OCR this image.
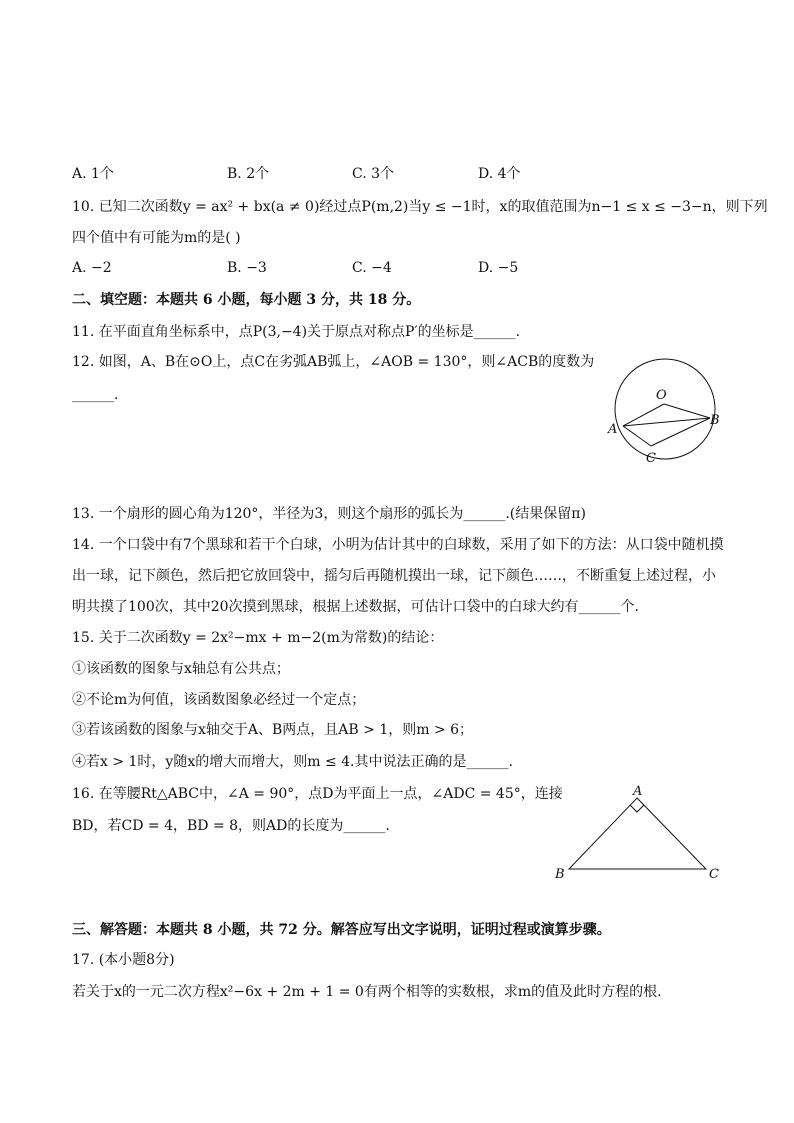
A. 1个	B. 2个	C. 3个	D. 4个
10. 已知二次函数y = ax² + bx(a ≠ 0)经过点P(m,2)当y ≤ −1时，x的取值范围为n−1 ≤ x ≤ −3−n，则下列
四个值中有可能为m的是( )
A. −2	B. −3	C. −4	D. −5
二、填空题：本题共 6 小题，每小题 3 分，共 18 分。
11. 在平面直角坐标系中，点P(3,−4)关于原点对称点P′的坐标是______.
12. 如图，A、B在⊙O上，点C在劣弧AB弧上，∠AOB = 130°，则∠ACB的度数为
______.	O
A
B
C
13. 一个扇形的圆心角为120°，半径为3，则这个扇形的弧长为______.(结果保留π)
14. 一个口袋中有7个黑球和若干个白球，小明为估计其中的白球数，采用了如下的方法：从口袋中随机摸
出一球，记下颜色，然后把它放回袋中，摇匀后再随机摸出一球，记下颜色……，不断重复上述过程，小
明共摸了100次，其中20次摸到黑球，根据上述数据，可估计口袋中的白球大约有______个.
15. 关于二次函数y = 2x²−mx + m−2(m为常数)的结论：
①该函数的图象与x轴总有公共点；
②不论m为何值，该函数图象必经过一个定点；
③若该函数的图象与x轴交于A、B两点，且AB > 1，则m > 6；
④若x > 1时，y随x的增大而增大，则m ≤ 4.其中说法正确的是______.
16. 在等腰Rt△ABC中，∠A = 90°，点D为平面上一点，∠ADC = 45°，连接
BD，若CD = 4，BD = 8，则AD的长度为______.
A
B	C
三、解答题：本题共 8 小题，共 72 分。解答应写出文字说明，证明过程或演算步骤。
17. (本小题8分)
若关于x的一元二次方程x²−6x + 2m + 1 = 0有两个相等的实数根，求m的值及此时方程的根.
